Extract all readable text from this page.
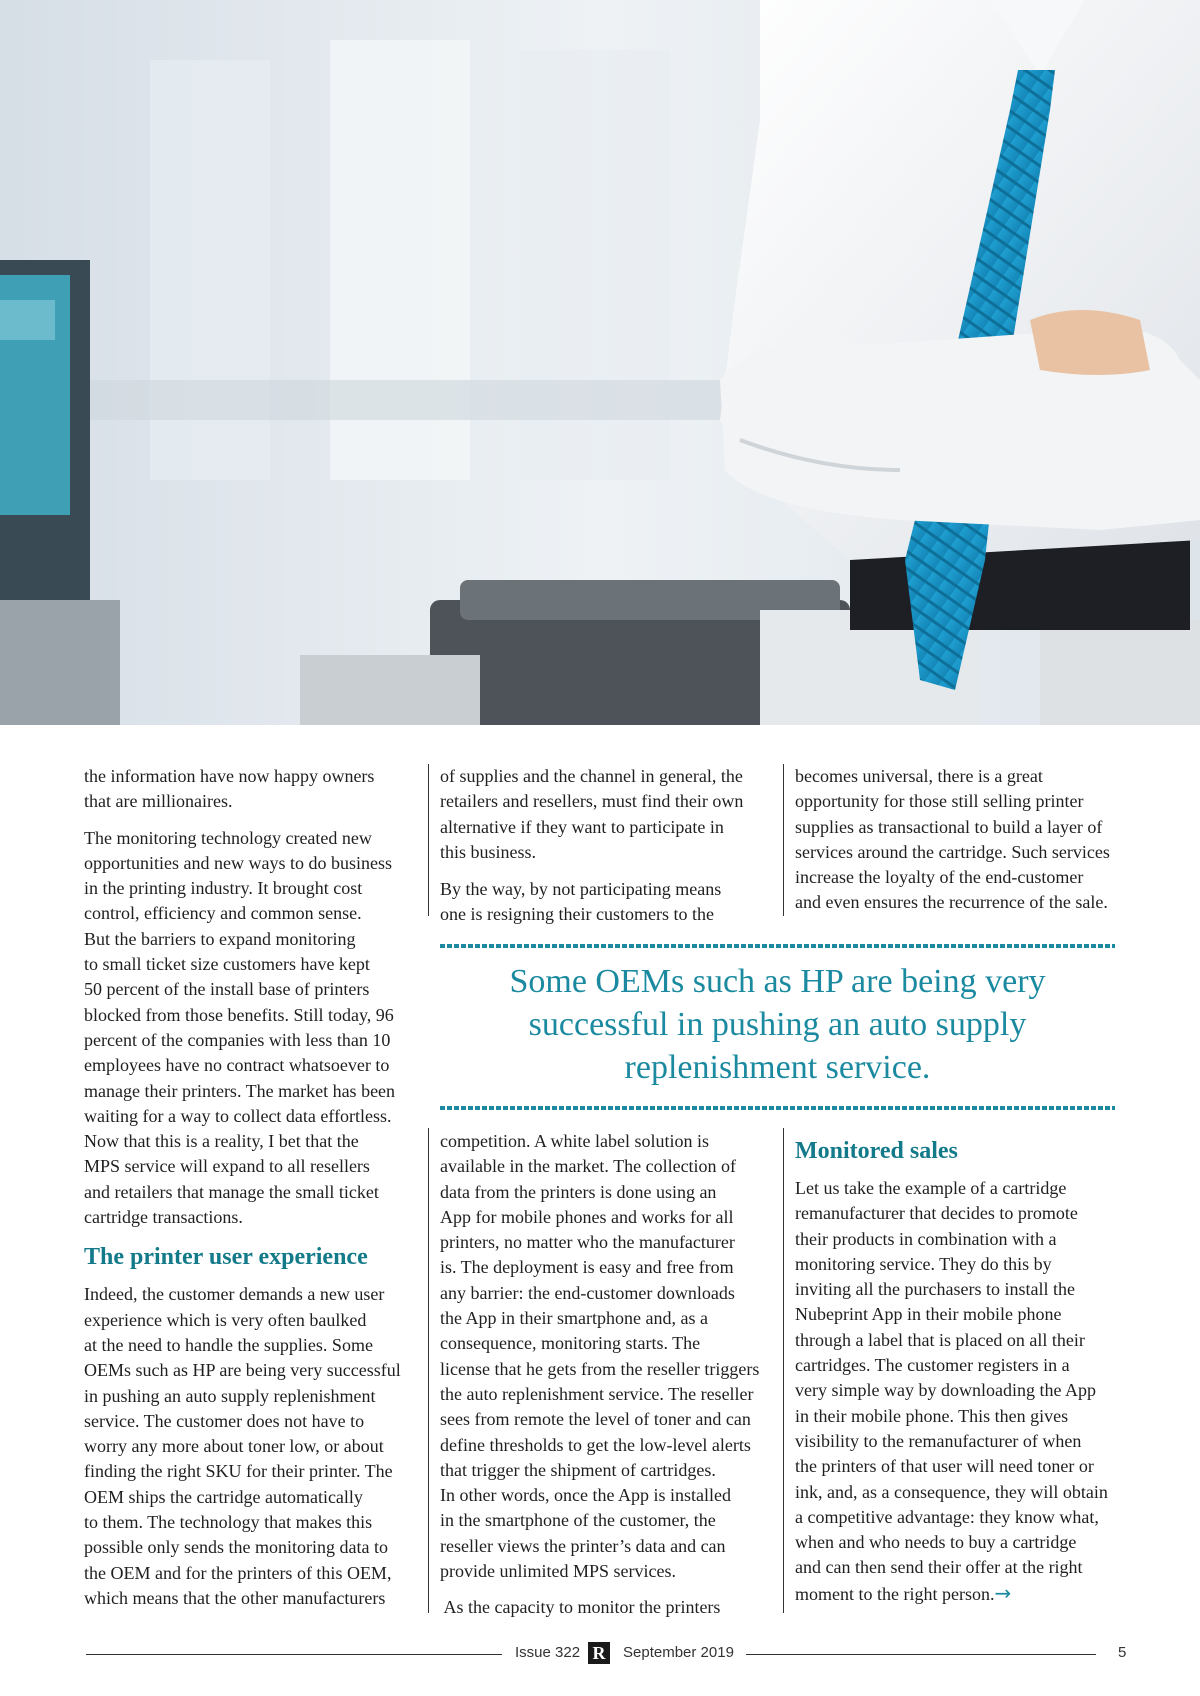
the information have now happy owners
that are millionaires.

The monitoring technology created new
opportunities and new ways to do business
in the printing industry. It brought cost
control, efficiency and common sense.
But the barriers to expand monitoring
to small ticket size customers have kept
50 percent of the install base of printers
blocked from those benefits. Still today, 96
percent of the companies with less than 10
employees have no contract whatsoever to
manage their printers. The market has been
waiting for a way to collect data effortless.
Now that this is a reality, I bet that the
MPS service will expand to all resellers
and retailers that manage the small ticket
cartridge transactions.

The printer user experience

Indeed, the customer demands a new user
experience which is very often baulked
at the need to handle the supplies. Some
OEMs such as HP are being very successful
in pushing an auto supply replenishment
service. The customer does not have to
worry any more about toner low, or about
finding the right SKU for their printer. The
OEM ships the cartridge automatically
to them. The technology that makes this
possible only sends the monitoring data to
the OEM and for the printers of this OEM,
which means that the other manufacturers

of supplies and the channel in general, the
retailers and resellers, must find their own
alternative if they want to participate in
this business.

By the way, by not participating means
one is resigning their customers to the

becomes universal, there is a great
opportunity for those still selling printer
supplies as transactional to build a layer of
services around the cartridge. Such services
increase the loyalty of the end-customer
and even ensures the recurrence of the sale.

Some OEMs such as HP are being very
successful in pushing an auto supply
replenishment service.

competition. A white label solution is
available in the market. The collection of
data from the printers is done using an
App for mobile phones and works for all
printers, no matter who the manufacturer
is. The deployment is easy and free from
any barrier: the end-customer downloads
the App in their smartphone and, as a
consequence, monitoring starts. The
license that he gets from the reseller triggers
the auto replenishment service. The reseller
sees from remote the level of toner and can
define thresholds to get the low-level alerts
that trigger the shipment of cartridges.
In other words, once the App is installed
in the smartphone of the customer, the
reseller views the printer’s data and can
provide unlimited MPS services.

As the capacity to monitor the printers

Monitored sales

Let us take the example of a cartridge
remanufacturer that decides to promote
their products in combination with a
monitoring service. They do this by
inviting all the purchasers to install the
Nubeprint App in their mobile phone
through a label that is placed on all their
cartridges. The customer registers in a
very simple way by downloading the App
in their mobile phone. This then gives
visibility to the remanufacturer of when
the printers of that user will need toner or
ink, and, as a consequence, they will obtain
a competitive advantage: they know what,
when and who needs to buy a cartridge
and can then send their offer at the right
moment to the right person.→

Issue 322 R	September 2019	5
